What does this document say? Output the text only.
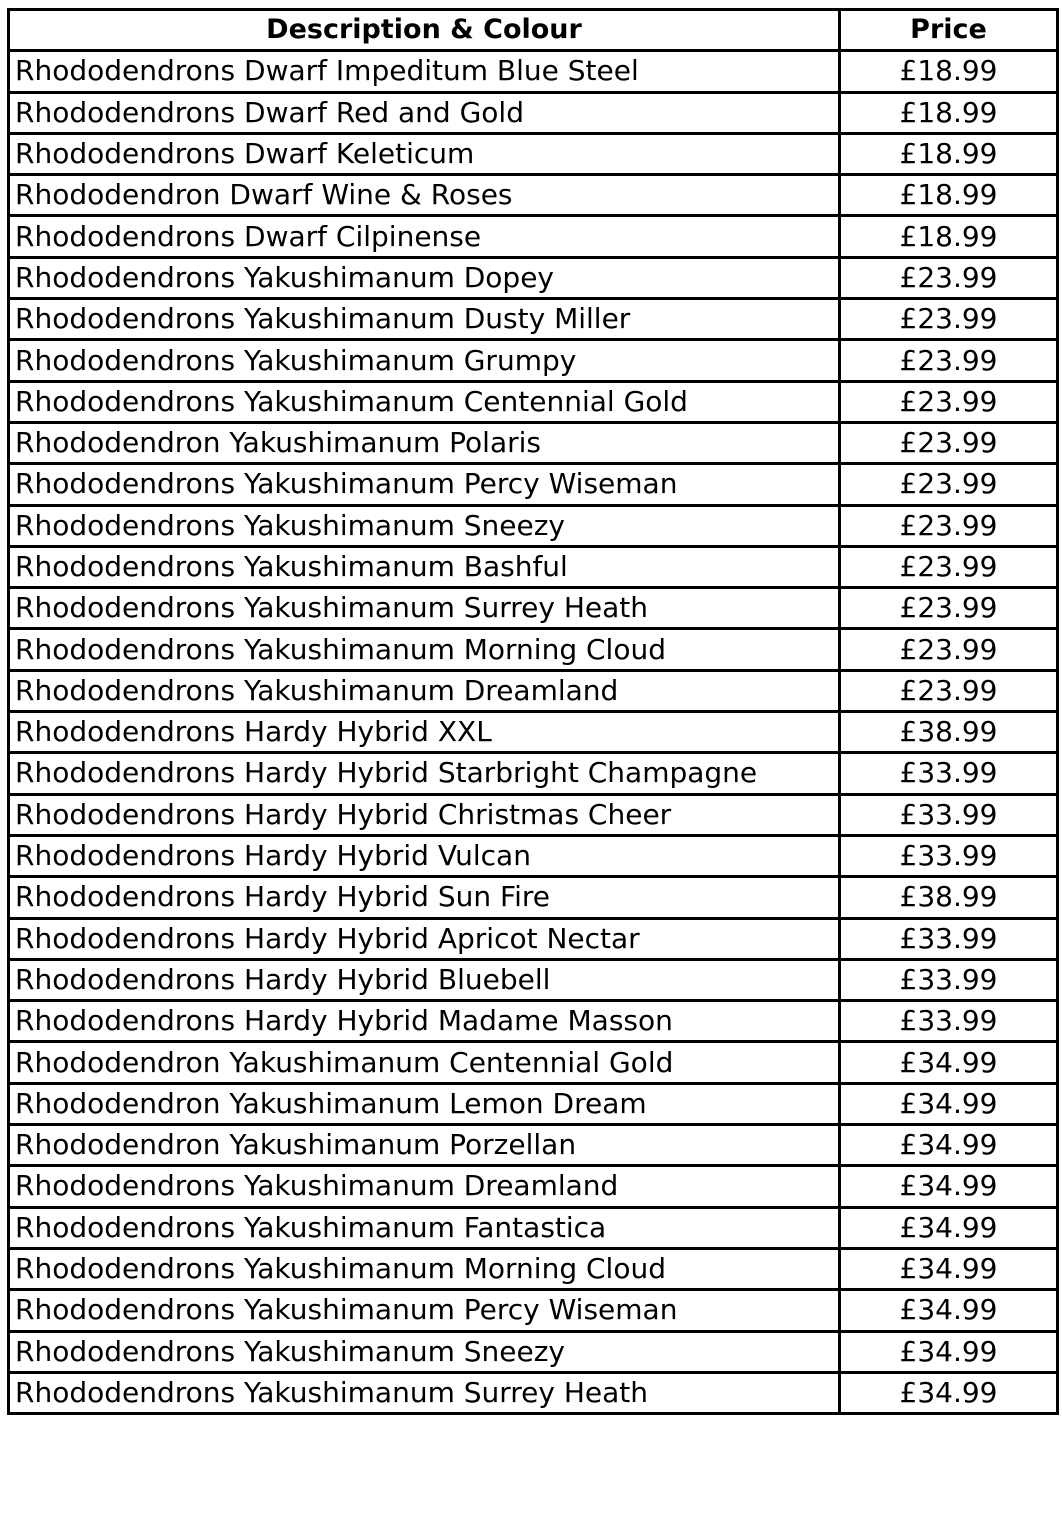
Description & Colour	Price
Rhododendrons Dwarf Impeditum Blue Steel	£18.99
Rhododendrons Dwarf Red and Gold	£18.99
Rhododendrons Dwarf Keleticum	£18.99
Rhododendron Dwarf Wine & Roses	£18.99
Rhododendrons Dwarf Cilpinense	£18.99
Rhododendrons Yakushimanum Dopey	£23.99
Rhododendrons Yakushimanum Dusty Miller	£23.99
Rhododendrons Yakushimanum Grumpy	£23.99
Rhododendrons Yakushimanum Centennial Gold	£23.99
Rhododendron Yakushimanum Polaris	£23.99
Rhododendrons Yakushimanum Percy Wiseman	£23.99
Rhododendrons Yakushimanum Sneezy	£23.99
Rhododendrons Yakushimanum Bashful	£23.99
Rhododendrons Yakushimanum Surrey Heath	£23.99
Rhododendrons Yakushimanum Morning Cloud	£23.99
Rhododendrons Yakushimanum Dreamland	£23.99
Rhododendrons Hardy Hybrid XXL	£38.99
Rhododendrons Hardy Hybrid Starbright Champagne	£33.99
Rhododendrons Hardy Hybrid Christmas Cheer	£33.99
Rhododendrons Hardy Hybrid Vulcan	£33.99
Rhododendrons Hardy Hybrid Sun Fire	£38.99
Rhododendrons Hardy Hybrid Apricot Nectar	£33.99
Rhododendrons Hardy Hybrid Bluebell	£33.99
Rhododendrons Hardy Hybrid Madame Masson	£33.99
Rhododendron Yakushimanum Centennial Gold	£34.99
Rhododendron Yakushimanum Lemon Dream	£34.99
Rhododendron Yakushimanum Porzellan	£34.99
Rhododendrons Yakushimanum Dreamland	£34.99
Rhododendrons Yakushimanum Fantastica	£34.99
Rhododendrons Yakushimanum Morning Cloud	£34.99
Rhododendrons Yakushimanum Percy Wiseman	£34.99
Rhododendrons Yakushimanum Sneezy	£34.99
Rhododendrons Yakushimanum Surrey Heath	£34.99
